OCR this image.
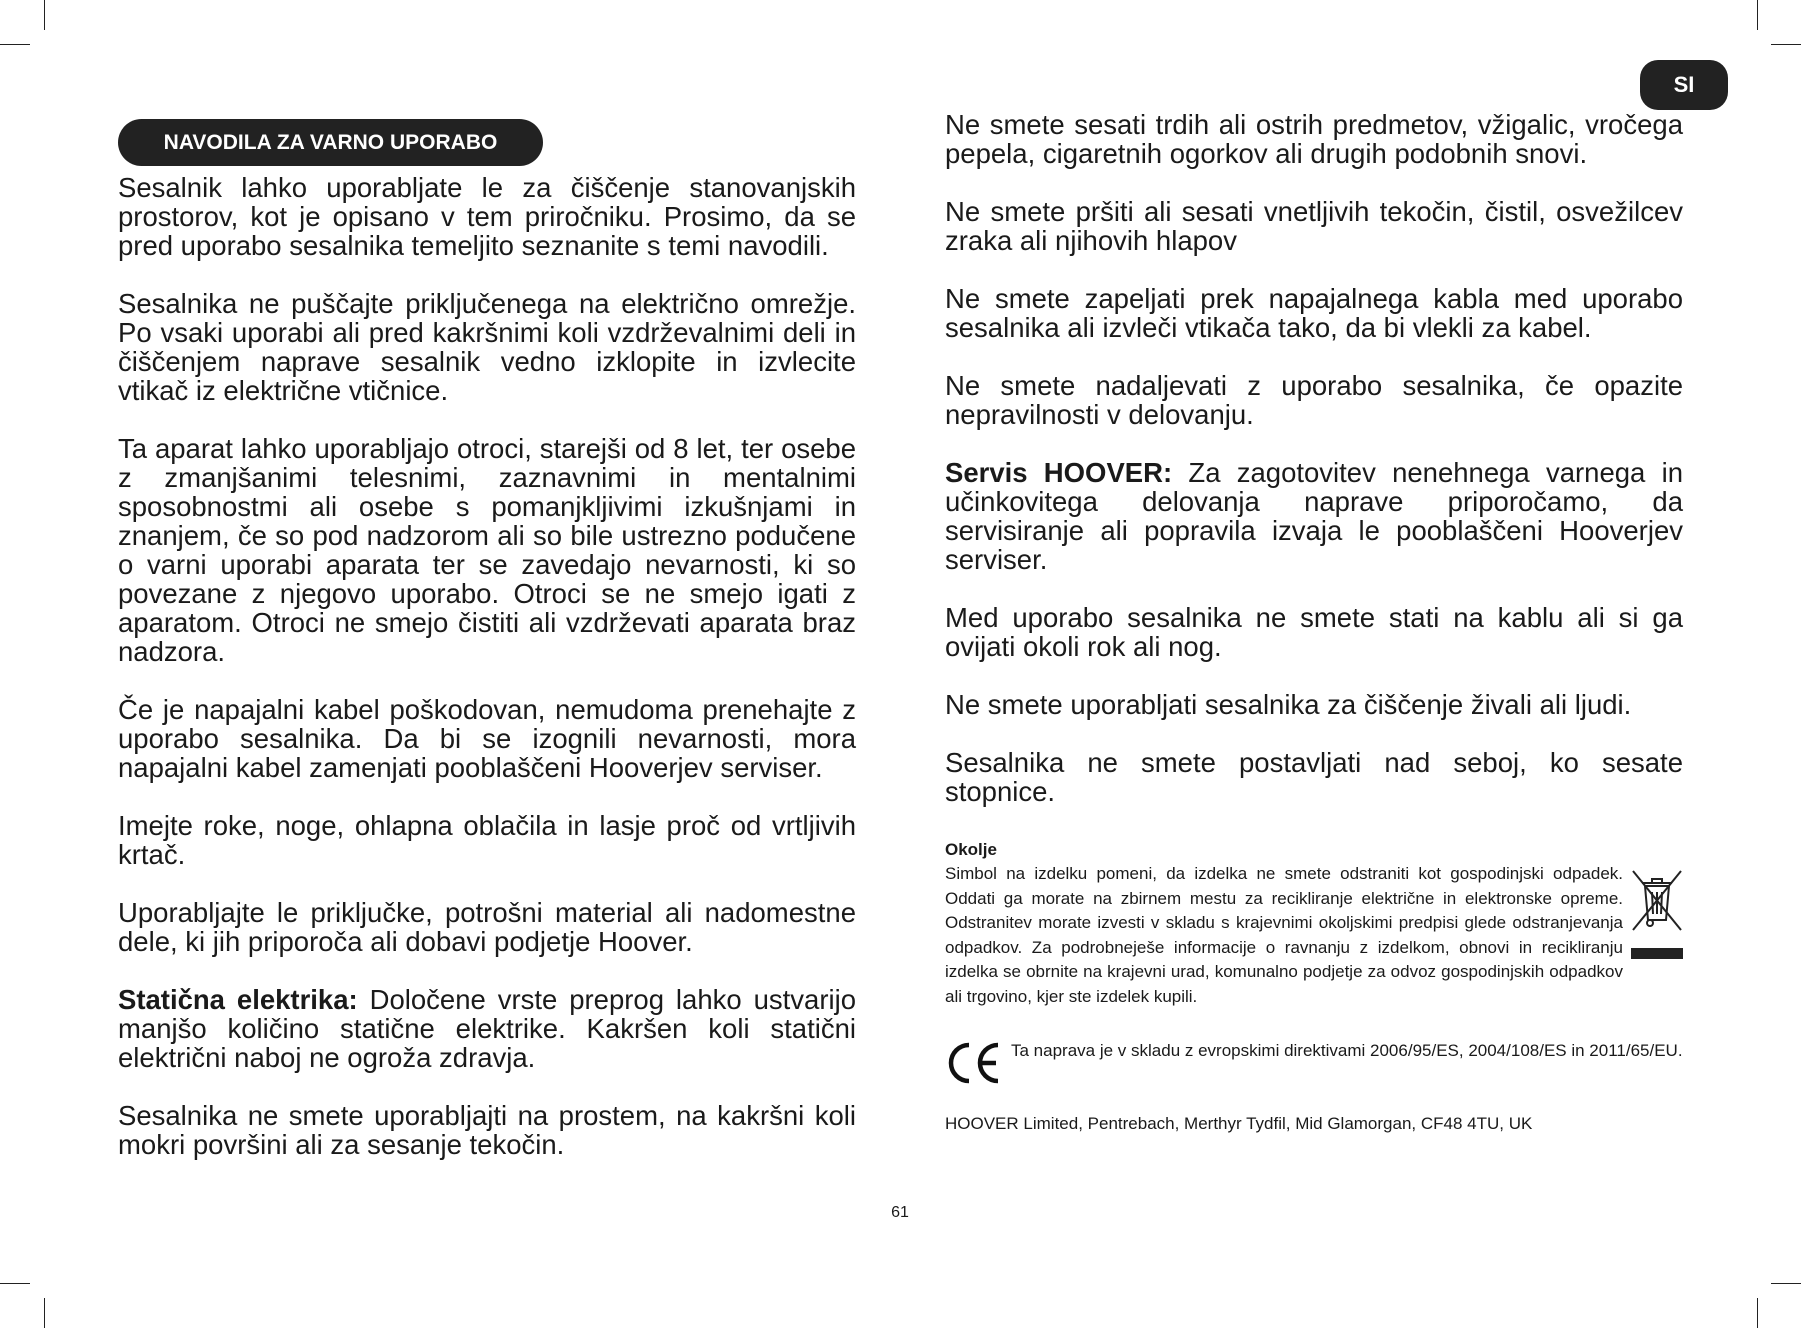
SI
NAVODILA ZA VARNO UPORABO

Sesalnik lahko uporabljate le za čiščenje stanovanjskih prostorov, kot je opisano v tem priročniku. Prosimo, da se pred uporabo sesalnika temeljito seznanite s temi navodili.

Sesalnika ne puščajte priključenega na električno omrežje. Po vsaki uporabi ali pred kakršnimi koli vzdrževalnimi deli in čiščenjem naprave sesalnik vedno izklopite in izvlecite vtikač iz električne vtičnice.

Ta aparat lahko uporabljajo otroci, starejši od 8 let, ter osebe z zmanjšanimi telesnimi, zaznavnimi in mentalnimi sposobnostmi ali osebe s pomanjkljivimi izkušnjami in znanjem, če so pod nadzorom ali so bile ustrezno podučene o varni uporabi aparata ter se zavedajo nevarnosti, ki so povezane z njegovo uporabo. Otroci se ne smejo igati z aparatom. Otroci ne smejo čistiti ali vzdrževati aparata braz nadzora.

Če je napajalni kabel poškodovan, nemudoma prenehajte z uporabo sesalnika. Da bi se izognili nevarnosti, mora napajalni kabel zamenjati pooblaščeni Hooverjev serviser.

Imejte roke, noge, ohlapna oblačila in lasje proč od vrtljivih krtač.

Uporabljajte le priključke, potrošni material ali nadomestne dele, ki jih priporoča ali dobavi podjetje Hoover.

Statična elektrika: Določene vrste preprog lahko ustvarijo manjšo količino statične elektrike. Kakršen koli statični električni naboj ne ogroža zdravja.

Sesalnika ne smete uporabljajti na prostem, na kakršni koli mokri površini ali za sesanje tekočin.

Ne smete sesati trdih ali ostrih predmetov, vžigalic, vročega pepela, cigaretnih ogorkov ali drugih podobnih snovi.

Ne smete pršiti ali sesati vnetljivih tekočin, čistil, osvežilcev zraka ali njihovih hlapov

Ne smete zapeljati prek napajalnega kabla med uporabo sesalnika ali izvleči vtikača tako, da bi vlekli za kabel.

Ne smete nadaljevati z uporabo sesalnika, če opazite nepravilnosti v delovanju.

Servis HOOVER: Za zagotovitev nenehnega varnega in učinkovitega delovanja naprave priporočamo, da servisiranje ali popravila izvaja le pooblaščeni Hooverjev serviser.

Med uporabo sesalnika ne smete stati na kablu ali si ga ovijati okoli rok ali nog.

Ne smete uporabljati sesalnika za čiščenje živali ali ljudi.

Sesalnika ne smete postavljati nad seboj, ko sesate stopnice.

Okolje

Simbol na izdelku pomeni, da izdelka ne smete odstraniti kot gospodinjski odpadek. Oddati ga morate na zbirnem mestu za recikliranje električne in elektronske opreme. Odstranitev morate izvesti v skladu s krajevnimi okoljskimi predpisi glede odstranjevanja odpadkov. Za podrobneješe informacije o ravnanju z izdelkom, obnovi in recikliranju izdelka se obrnite na krajevni urad, komunalno podjetje za odvoz gospodinjskih odpadkov ali trgovino, kjer ste izdelek kupili.

Ta naprava je v skladu z evropskimi direktivami 2006/95/ES, 2004/108/ES in 2011/65/EU.

HOOVER Limited, Pentrebach, Merthyr Tydfil, Mid Glamorgan, CF48 4TU, UK

61
